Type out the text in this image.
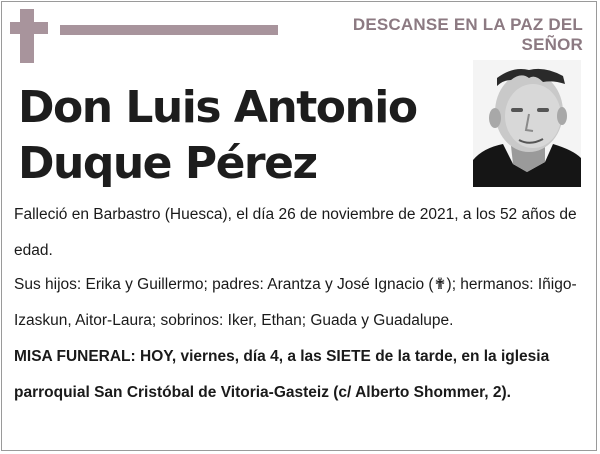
DESCANSE EN LA PAZ DEL SEÑOR
Don Luis Antonio
Duque Pérez
Falleció en Barbastro (Huesca), el día 26 de noviembre de 2021, a los 52 años de edad.
Sus hijos: Erika y Guillermo; padres: Arantza y José Ignacio (✟); hermanos: Iñigo-Izaskun, Aitor-Laura; sobrinos: Iker, Ethan; Guada y Guadalupe.
MISA FUNERAL: HOY, viernes, día 4, a las SIETE de la tarde, en la iglesia parroquial San Cristóbal de Vitoria-Gasteiz (c/ Alberto Shommer, 2).
